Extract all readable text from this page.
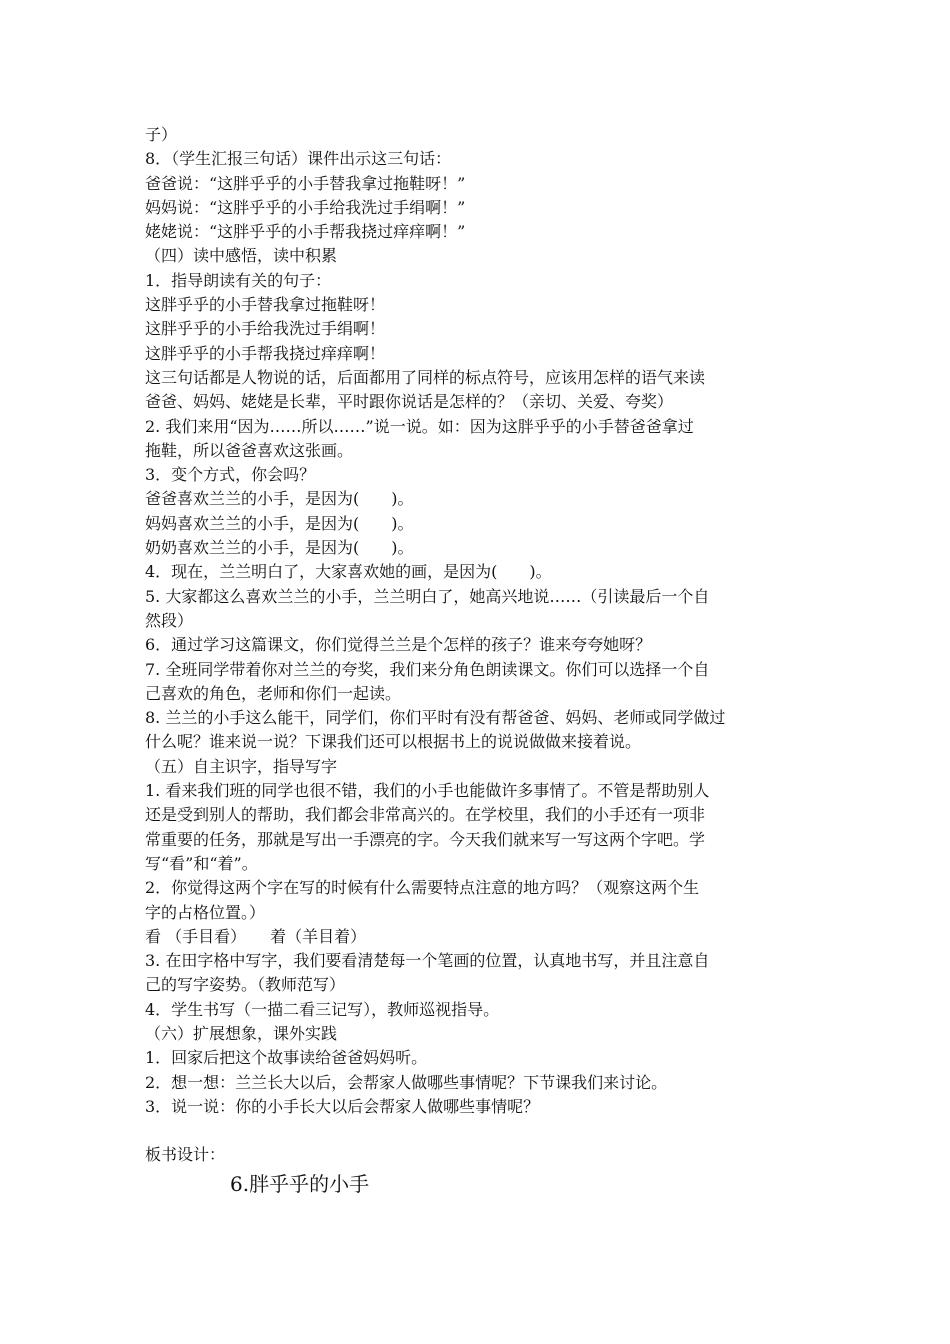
子）
8．（学生汇报三句话）课件出示这三句话：
爸爸说：“这胖乎乎的小手替我拿过拖鞋呀！”
妈妈说：“这胖乎乎的小手给我洗过手绢啊！”
姥姥说：“这胖乎乎的小手帮我挠过痒痒啊！”
（四）读中感悟，读中积累
1．指导朗读有关的句子：
这胖乎乎的小手替我拿过拖鞋呀！
这胖乎乎的小手给我洗过手绢啊！
这胖乎乎的小手帮我挠过痒痒啊！
这三句话都是人物说的话，后面都用了同样的标点符号，应该用怎样的语气来读
爸爸、妈妈、姥姥是长辈，平时跟你说话是怎样的？（亲切、关爱、夸奖）
2. 我们来用“因为……所以……”说一说。如：因为这胖乎乎的小手替爸爸拿过
拖鞋，所以爸爸喜欢这张画。
3．变个方式，你会吗？
爸爸喜欢兰兰的小手，是因为(　　)。
妈妈喜欢兰兰的小手，是因为(　　)。
奶奶喜欢兰兰的小手，是因为(　　)。
4．现在，兰兰明白了，大家喜欢她的画，是因为(　　)。
5. 大家都这么喜欢兰兰的小手，兰兰明白了，她高兴地说……（引读最后一个自
然段）
6．通过学习这篇课文，你们觉得兰兰是个怎样的孩子？谁来夸夸她呀？
7. 全班同学带着你对兰兰的夸奖，我们来分角色朗读课文。你们可以选择一个自
己喜欢的角色，老师和你们一起读。
8. 兰兰的小手这么能干，同学们，你们平时有没有帮爸爸、妈妈、老师或同学做过
什么呢？谁来说一说？下课我们还可以根据书上的说说做做来接着说。
（五）自主识字，指导写字
1. 看来我们班的同学也很不错，我们的小手也能做许多事情了。不管是帮助别人
还是受到别人的帮助，我们都会非常高兴的。在学校里，我们的小手还有一项非
常重要的任务，那就是写出一手漂亮的字。今天我们就来写一写这两个字吧。学
写“看”和“着”。
2．你觉得这两个字在写的时候有什么需要特点注意的地方吗？（观察这两个生
字的占格位置。）
看 （手目看）　　着（羊目着）
3. 在田字格中写字，我们要看清楚每一个笔画的位置，认真地书写，并且注意自
己的写字姿势。（教师范写）
4．学生书写（一描二看三记写），教师巡视指导。
（六）扩展想象，课外实践
1．回家后把这个故事读给爸爸妈妈听。
2．想一想：兰兰长大以后，会帮家人做哪些事情呢？下节课我们来讨论。
3．说一说：你的小手长大以后会帮家人做哪些事情呢？
板书设计：
6.胖乎乎的小手
